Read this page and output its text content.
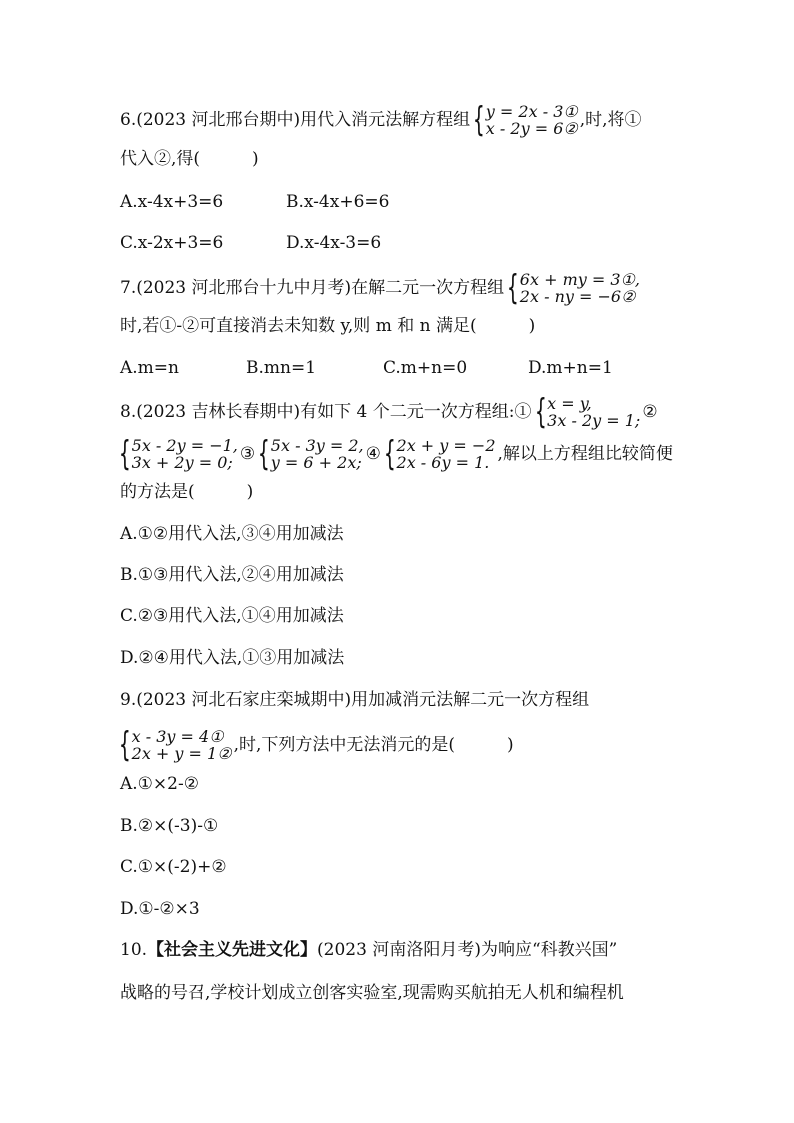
6.(2023 河北邢台期中)用代入消元法解方程组 { y = 2x - 3①
x - 2y = 6② ,时,将①
代入②,得(	)
A.x-4x+3=6	B.x-4x+6=6
C.x-2x+3=6	D.x-4x-3=6
7.(2023 河北邢台十九中月考)在解二元一次方程组 { 6x + my = 3①,
2x - ny = −6②
时,若①-②可直接消去未知数 y,则 m 和 n 满足(	)
A.m=n	B.mn=1	C.m+n=0	D.m+n=1
8.(2023 吉林长春期中)有如下 4 个二元一次方程组:① { x = y,
3x - 2y = 1; ②
{ 5x - 2y = −1,
3x + 2y = 0; ③ { 5x - 3y = 2,
y = 6 + 2x; ④ { 2x + y = −2
2x - 6y = 1. ,解以上方程组比较简便
的方法是(	)
A.①②用代入法,③④用加减法
B.①③用代入法,②④用加减法
C.②③用代入法,①④用加减法
D.②④用代入法,①③用加减法
9.(2023 河北石家庄栾城期中)用加减消元法解二元一次方程组
{ x - 3y = 4①
2x + y = 1② ,时,下列方法中无法消元的是(	)
A.①×2-②
B.②×(-3)-①
C.①×(-2)+②
D.①-②×3
10. 【社会主义先进文化】 (2023 河南洛阳月考)为响应“科教兴国”
战略的号召,学校计划成立创客实验室,现需购买航拍无人机和编程机
